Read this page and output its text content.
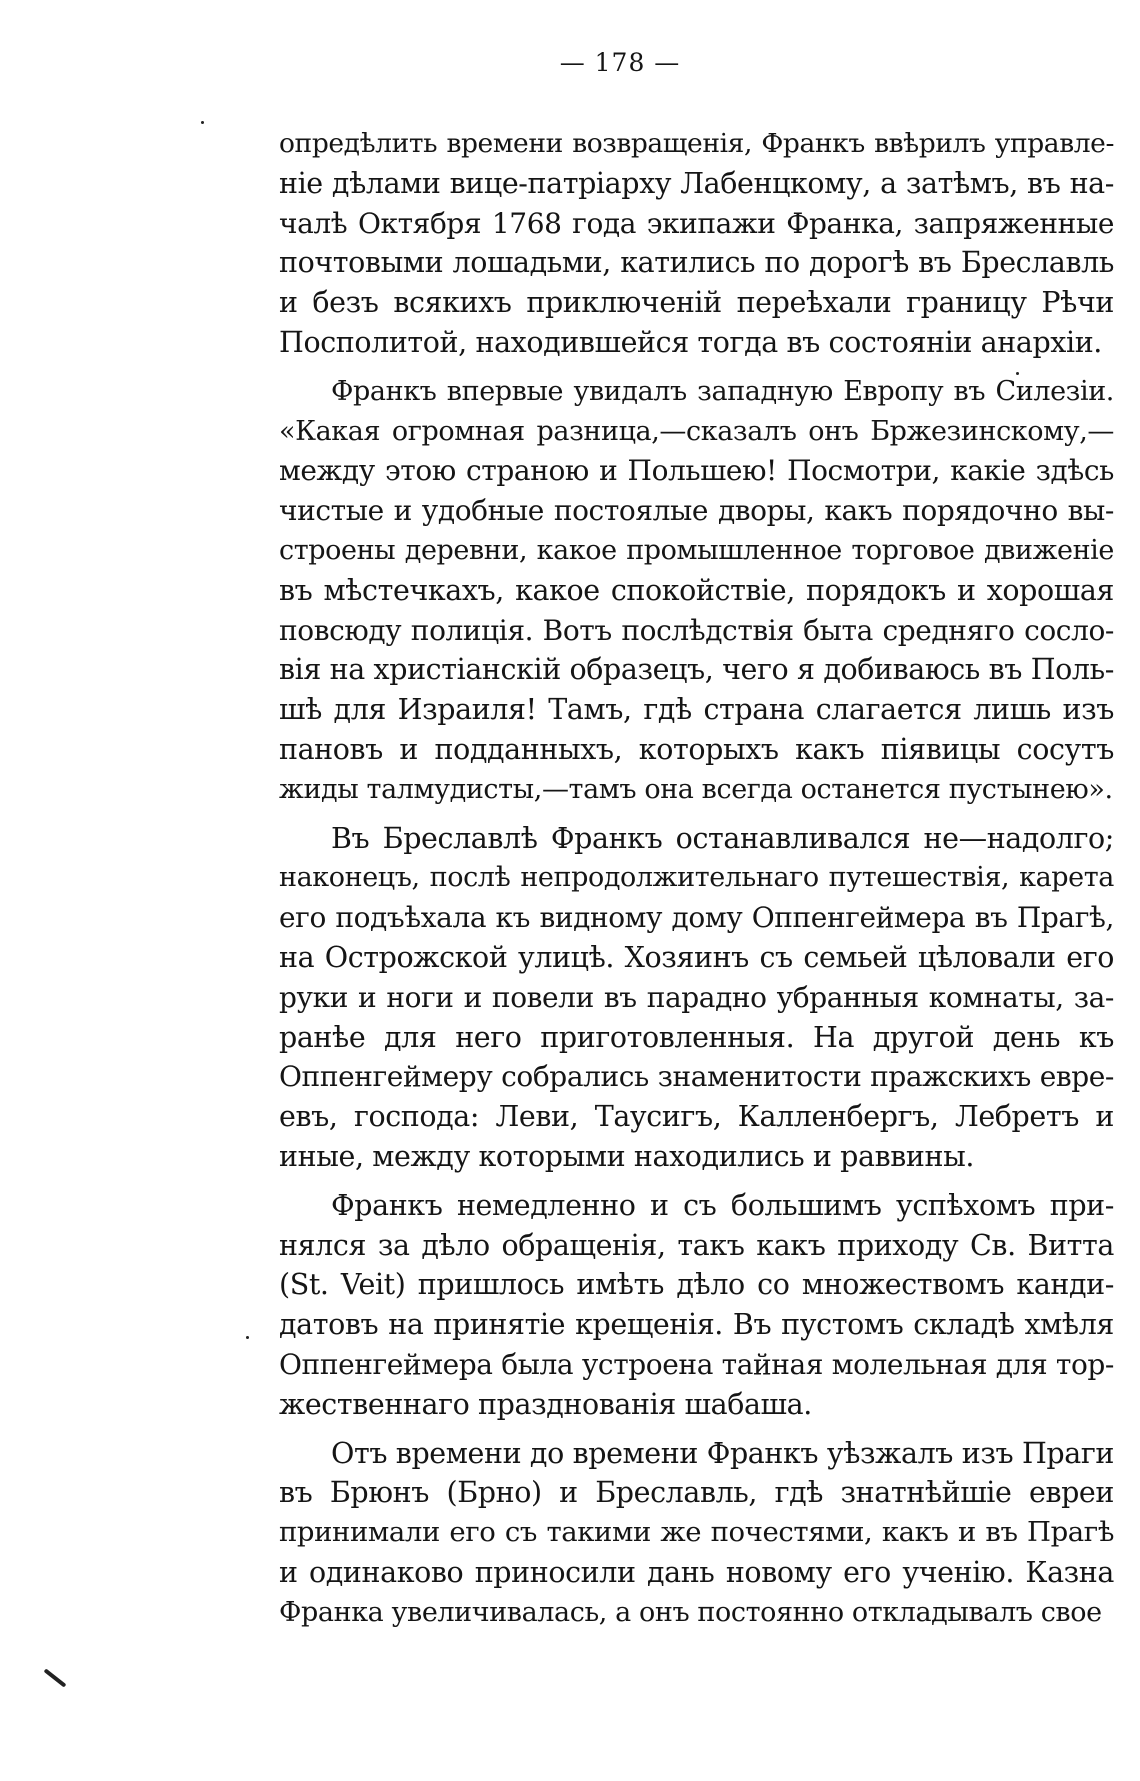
— 178 —
опредѣлить времени возвращенія, Франкъ ввѣрилъ управле-
ніе дѣлами вице-патріарху Лабенцкому, а затѣмъ, въ на-
чалѣ Октября 1768 года экипажи Франка, запряженные
почтовыми лошадьми, катились по дорогѣ въ Бреславль
и безъ всякихъ приключеній переѣхали границу Рѣчи
Посполитой, находившейся тогда въ состояніи анархіи.
Франкъ впервые увидалъ западную Европу въ Силезіи.
«Какая огромная разница,—сказалъ онъ Бржезинскому,—
между этою страною и Польшею! Посмотри, какіе здѣсь
чистые и удобные постоялые дворы, какъ порядочно вы-
строены деревни, какое промышленное торговое движеніе
въ мѣстечкахъ, какое спокойствіе, порядокъ и хорошая
повсюду полиція. Вотъ послѣдствія быта средняго сосло-
вія на христіанскій образецъ, чего я добиваюсь въ Поль-
шѣ для Израиля! Тамъ, гдѣ страна слагается лишь изъ
пановъ и подданныхъ, которыхъ какъ піявицы сосутъ
жиды талмудисты,—тамъ она всегда останется пустынею».
Въ Бреславлѣ Франкъ останавливался не—надолго;
наконецъ, послѣ непродолжительнаго путешествія, карета
его подъѣхала къ видному дому Оппенгеймера въ Прагѣ,
на Острожской улицѣ. Хозяинъ съ семьей цѣловали его
руки и ноги и повели въ парадно убранныя комнаты, за-
ранѣе для него приготовленныя. На другой день къ
Оппенгеймеру собрались знаменитости пражскихъ евре-
евъ, господа: Леви, Таусигъ, Калленбергъ, Лебретъ и
иные, между которыми находились и раввины.
Франкъ немедленно и съ большимъ успѣхомъ при-
нялся за дѣло обращенія, такъ какъ приходу Св. Витта
(St. Veit) пришлось имѣть дѣло со множествомъ канди-
датовъ на принятіе крещенія. Въ пустомъ складѣ хмѣля
Оппенгеймера была устроена тайная молельная для тор-
жественнаго празднованія шабаша.
Отъ времени до времени Франкъ уѣзжалъ изъ Праги
въ Брюнъ (Брно) и Бреславль, гдѣ знатнѣйшіе евреи
принимали его съ такими же почестями, какъ и въ Прагѣ
и одинаково приносили дань новому его ученію. Казна
Франка увеличивалась, а онъ постоянно откладывалъ свое
